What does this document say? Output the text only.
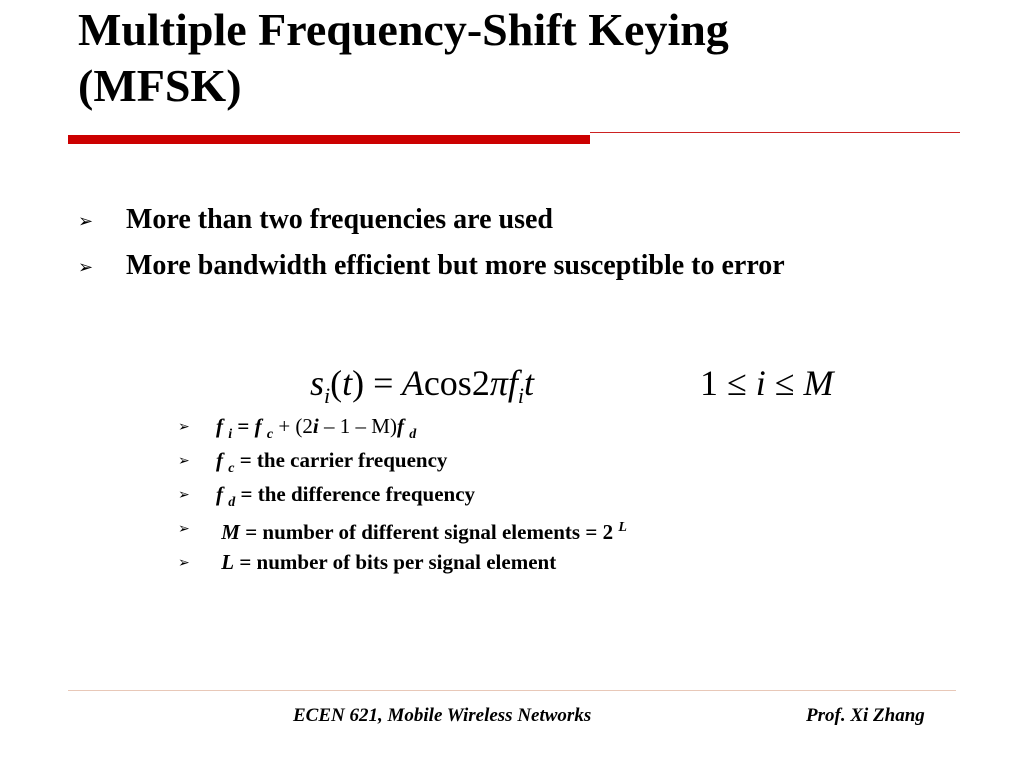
Multiple Frequency-Shift Keying
(MFSK)
➢ More than two frequencies are used
➢ More bandwidth efficient but more susceptible to error
$s_i(t) = Acos2\pi f_it$	1 ≤ i ≤ M
➢ f $_i$ = f $_c$ + (2i – 1 – M)f $_d$
➢ f $_c$ = the carrier frequency
➢ f $_d$ = the difference frequency
➢ M = number of different signal elements = 2 $^L$
➢ L = number of bits per signal element
ECEN 621, Mobile Wireless Networks	Prof. Xi Zhang
